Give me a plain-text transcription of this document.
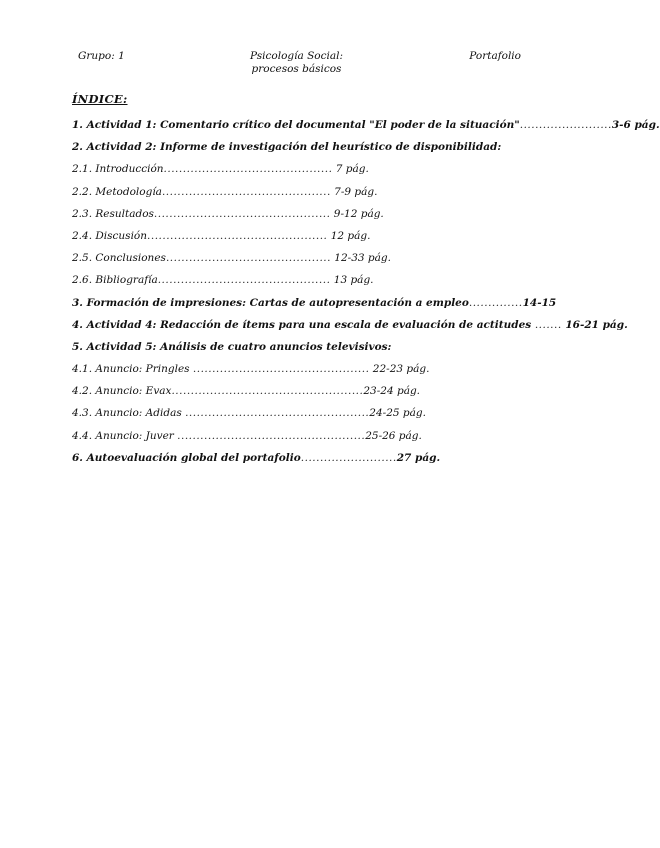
Grupo: 1	Psicología Social:
procesos básicos
Portafolio
ÍNDICE:

1. Actividad 1: Comentario crítico del documental "El poder de la situación"........................3-6 pág.

2. Actividad 2: Informe de investigación del heurístico de disponibilidad:

2.1. Introducción............................................ 7 pág.

2.2. Metodología............................................ 7-9 pág.

2.3. Resultados.............................................. 9-12 pág.

2.4. Discusión............................................... 12 pág.

2.5. Conclusiones........................................... 12-33 pág.

2.6. Bibliografía............................................. 13 pág.

3. Formación de impresiones: Cartas de autopresentación a empleo..............14-15

4. Actividad 4: Redacción de ítems para una escala de evaluación de actitudes ....... 16-21 pág.

5. Actividad 5: Análisis de cuatro anuncios televisivos:

4.1. Anuncio: Pringles .............................................. 22-23 pág.

4.2. Anuncio: Evax..................................................23-24 pág.

4.3. Anuncio: Adidas ................................................24-25 pág.

4.4. Anuncio: Juver .................................................25-26 pág.

6. Autoevaluación global del portafolio.........................27 pág.
